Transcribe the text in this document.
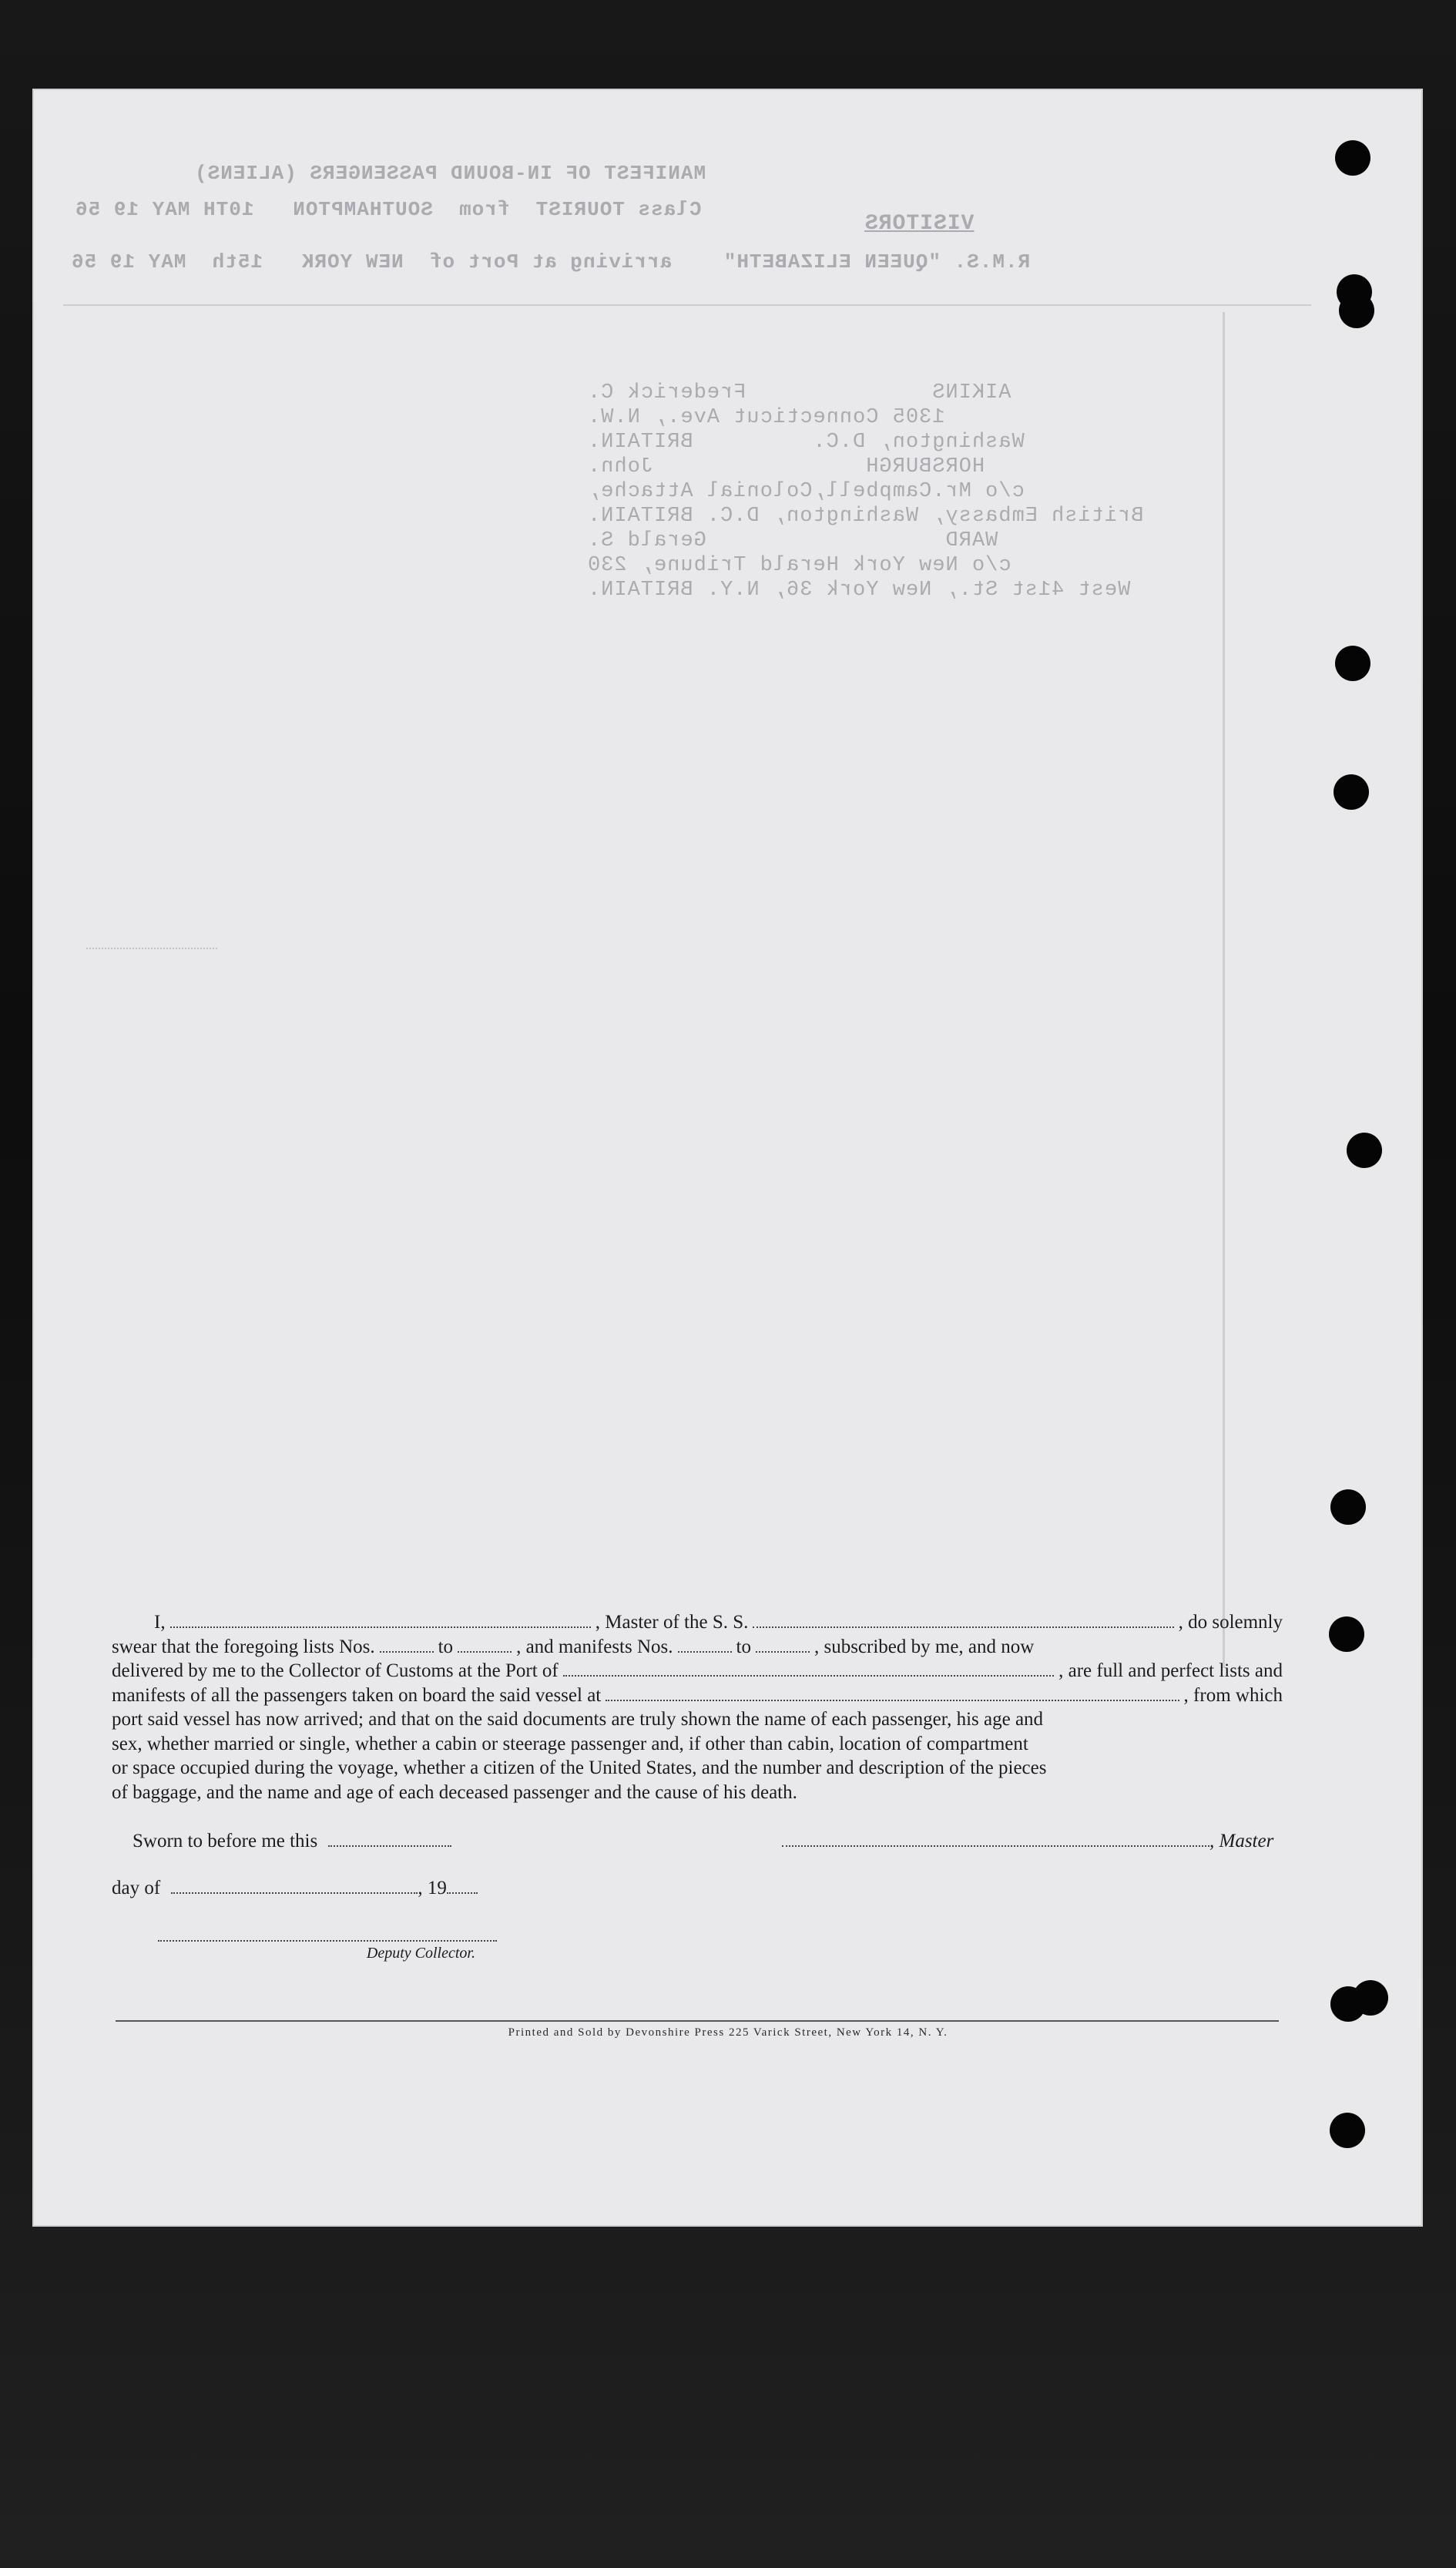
MANIFEST OF IN-BOUND PASSENGERS (ALIENS)
Class TOURIST  from  SOUTHAMPTON   10TH MAY 19 56
VISITORS
R.M.S. "QUEEN ELIZABETH"    arriving at Port of  NEW YORK   15th  MAY 19 56
AIKINS              Frederick C.
1305 Connecticut Ave., N.W.
Washington, D.C.         BRITAIN.
HORSBURGH                John.
c/o Mr.Campbell,Colonial Attache,
British Embassy, Washington, D.C. BRITAIN.
WARD                  Gerald S.
c/o New York Herald Tribune, 230
West 41st St., New York 36, N.Y. BRITAIN.
I,	, Master of the S. S.	, do solemnly
swear that the foregoing lists Nos.	to	, and manifests Nos.	to	, subscribed by me, and now
delivered by me to the Collector of Customs at the Port of	, are full and perfect lists and
manifests of all the passengers taken on board the said vessel at	, from which
port said vessel has now arrived; and that on the said documents are truly shown the name of each passenger, his age and
sex, whether married or single, whether a cabin or steerage passenger and, if other than cabin, location of compartment
or space occupied during the voyage, whether a citizen of the United States, and the number and description of the pieces
of baggage, and the name and age of each deceased passenger and the cause of his death.
Sworn to before me this	, Master
day of	, 19
Deputy Collector.
Printed and Sold by Devonshire Press 225 Varick Street, New York 14, N. Y.
